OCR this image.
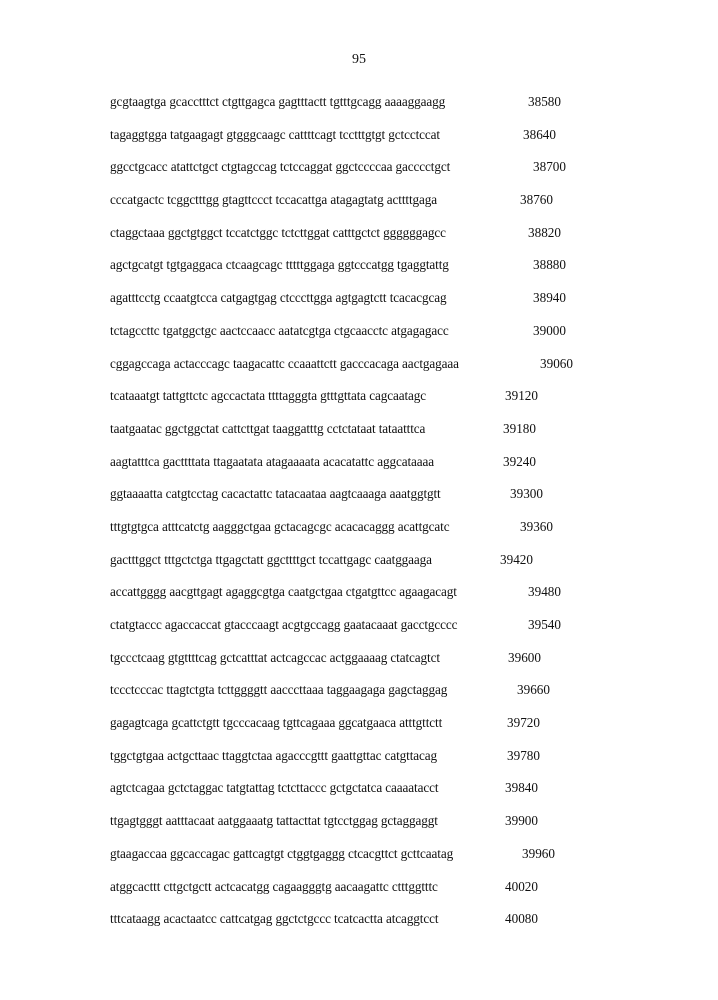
95
gcgtaagtga gcacctttct ctgttgagca gagtttactt tgtttgcagg aaaaggaagg	38580
tagaggtgga tatgaagagt gtgggcaagc cattttcagt tcctttgtgt gctcctccat	38640
ggcctgcacc atattctgct ctgtagccag tctccaggat ggctccccaa gacccctgct	38700
cccatgactc tcggctttgg gtagttccct tccacattga atagagtatg acttttgaga	38760
ctaggctaaa ggctgtggct tccatctggc tctcttggat catttgctct ggggggagcc	38820
agctgcatgt tgtgaggaca ctcaagcagc tttttggaga ggtcccatgg tgaggtattg	38880
agatttcctg ccaatgtcca catgagtgag ctcccttgga agtgagtctt tcacacgcag	38940
tctagccttc tgatggctgc aactccaacc aatatcgtga ctgcaacctc atgagagacc	39000
cggagccaga actacccagc taagacattc ccaaattctt gacccacaga aactgagaaa	39060
tcataaatgt tattgttctc agccactata ttttagggta gtttgttata cagcaatagc	39120
taatgaatac ggctggctat cattcttgat taaggatttg cctctataat tataatttca	39180
aagtatttca gacttttata ttagaatata atagaaaata acacatattc aggcataaaa	39240
ggtaaaatta catgtcctag cacactattc tatacaataa aagtcaaaga aaatggtgtt	39300
tttgtgtgca atttcatctg aagggctgaa gctacagcgc acacacaggg acattgcatc	39360
gactttggct tttgctctga ttgagctatt ggcttttgct tccattgagc caatggaaga	39420
accattgggg aacgttgagt agaggcgtga caatgctgaa ctgatgttcc agaagacagt	39480
ctatgtaccc agaccaccat gtacccaagt acgtgccagg gaatacaaat gacctgcccc	39540
tgccctcaag gtgttttcag gctcatttat actcagccac actggaaaag ctatcagtct	39600
tccctcccac ttagtctgta tcttggggtt aacccttaaa taggaagaga gagctaggag	39660
gagagtcaga gcattctgtt tgcccacaag tgttcagaaa ggcatgaaca atttgttctt	39720
tggctgtgaa actgcttaac ttaggtctaa agacccgttt gaattgttac catgttacag	39780
agtctcagaa gctctaggac tatgtattag tctcttaccc gctgctatca caaaatacct	39840
ttgagtgggt aatttacaat aatggaaatg tattacttat tgtcctggag gctaggaggt	39900
gtaagaccaa ggcaccagac gattcagtgt ctggtgaggg ctcacgttct gcttcaatag	39960
atggcacttt cttgctgctt actcacatgg cagaagggtg aacaagattc ctttggtttc	40020
tttcataagg acactaatcc cattcatgag ggctctgccc tcatcactta atcaggtcct	40080
